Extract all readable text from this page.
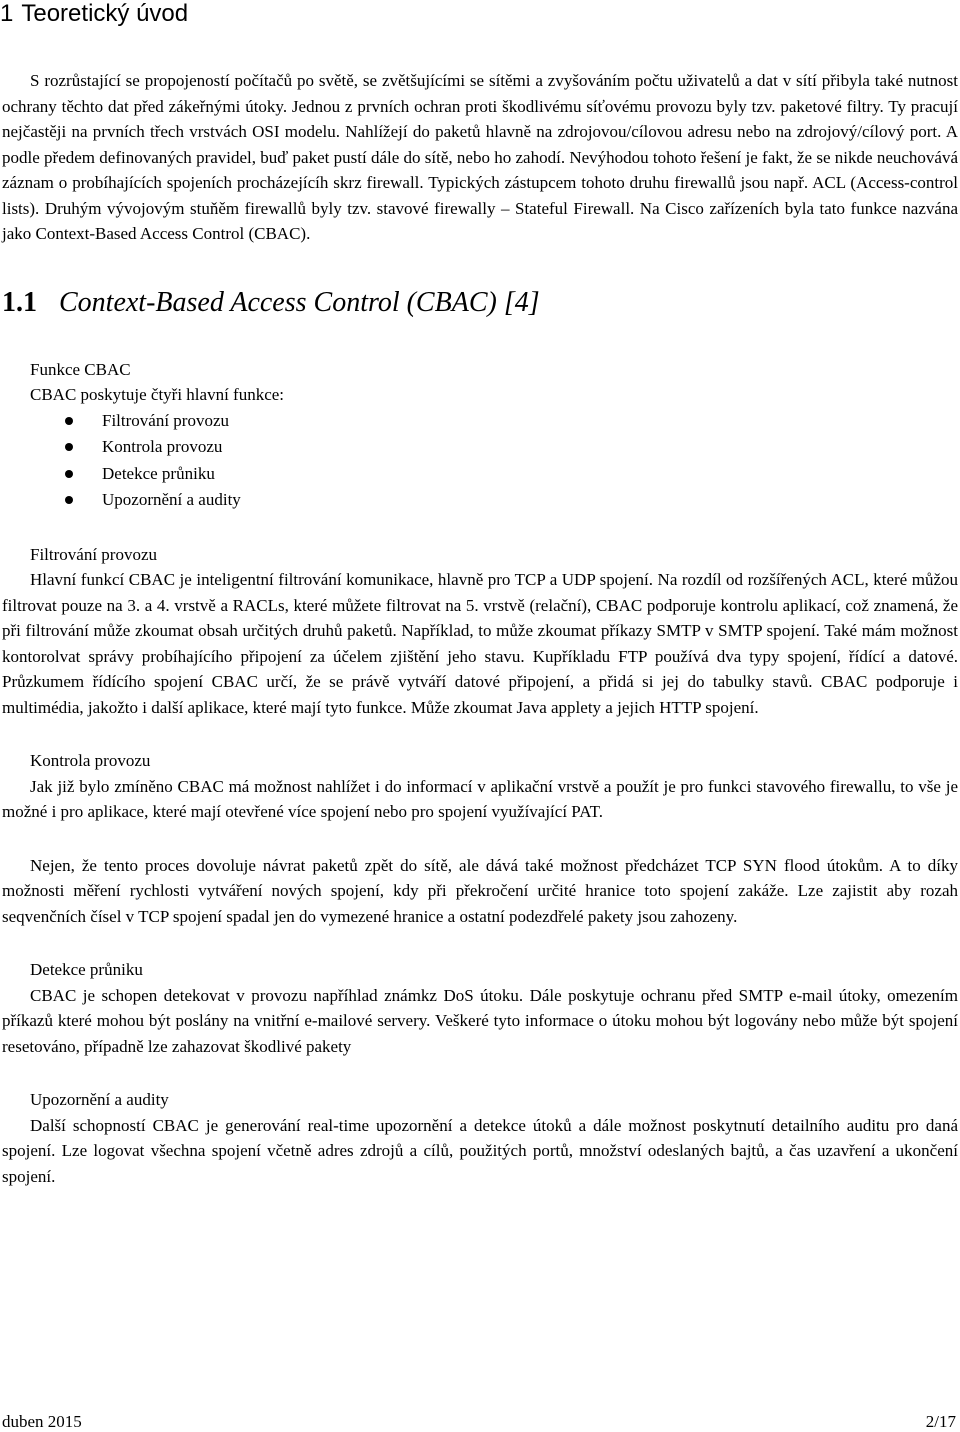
1 Teoretický úvod

S rozrůstající se propojeností počítačů po světě, se zvětšujícími se sítěmi a zvyšováním počtu uživatelů a dat v sítí přibyla také nutnost ochrany těchto dat před zákeřnými útoky. Jednou z prvních ochran proti škodlivému síťovému provozu byly tzv. paketové filtry. Ty pracují nejčastěji na prvních třech vrstvách OSI modelu. Nahlížejí do paketů hlavně na zdrojovou/cílovou adresu nebo na zdrojový/cílový port. A podle předem definovaných pravidel, buď paket pustí dále do sítě, nebo ho zahodí. Nevýhodou tohoto řešení je fakt, že se nikde neuchovává záznam o probíhajících spojeních procházejícíh skrz firewall. Typických zástupcem tohoto druhu firewallů jsou např. ACL (Access-control lists). Druhým vývojovým stuňěm firewallů byly tzv. stavové firewally – Stateful Firewall. Na Cisco zařízeních byla tato funkce nazvána jako Context-Based Access Control (CBAC).

1.1 Context-Based Access Control (CBAC) [4]

Funkce CBAC

CBAC poskytuje čtyři hlavní funkce:

Filtrování provozu
Kontrola provozu
Detekce průniku
Upozornění a audity

Filtrování provozu

Hlavní funkcí CBAC je inteligentní filtrování komunikace, hlavně pro TCP a UDP spojení. Na rozdíl od rozšířených ACL, které můžou filtrovat pouze na 3. a 4. vrstvě a RACLs, které můžete filtrovat na 5. vrstvě (relační), CBAC podporuje kontrolu aplikací, což znamená, že při filtrování může zkoumat obsah určitých druhů paketů. Například, to může zkoumat příkazy SMTP v SMTP spojení. Také mám možnost kontorolvat správy probíhajícího připojení za účelem zjištění jeho stavu. Kupříkladu FTP používá dva typy spojení, řídící a datové. Průzkumem řídícího spojení CBAC určí, že se právě vytváří datové připojení, a přidá si jej do tabulky stavů. CBAC podporuje i multimédia, jakožto i další aplikace, které mají tyto funkce. Může zkoumat Java applety a jejich HTTP spojení.

Kontrola provozu

Jak již bylo zmíněno CBAC má možnost nahlížet i do informací v aplikační vrstvě a použít je pro funkci stavového firewallu, to vše je možné i pro aplikace, které mají otevřené více spojení nebo pro spojení využívající PAT.

Nejen, že tento proces dovoluje návrat paketů zpět do sítě, ale dává také možnost předcházet TCP SYN flood útokům. A to díky možnosti měření rychlosti vytváření nových spojení, kdy při překročení určité hranice toto spojení zakáže. Lze zajistit aby rozah seqvenčních čísel v TCP spojení spadal jen do vymezené hranice a ostatní podezdřelé pakety jsou zahozeny.

Detekce průniku

CBAC je schopen detekovat v provozu napříhlad známkz DoS útoku. Dále poskytuje ochranu před SMTP e-mail útoky, omezením příkazů které mohou být poslány na vnitřní e-mailové servery. Veškeré tyto informace o útoku mohou být logovány nebo může být spojení resetováno, případně lze zahazovat škodlivé pakety

Upozornění a audity

Další schopností CBAC je generování real-time upozornění a detekce útoků a dále možnost poskytnutí detailního auditu pro daná spojení. Lze logovat všechna spojení včetně adres zdrojů a cílů, použitých portů, množství odeslaných bajtů, a čas uzavření a ukončení spojení.

duben 2015	2/17
